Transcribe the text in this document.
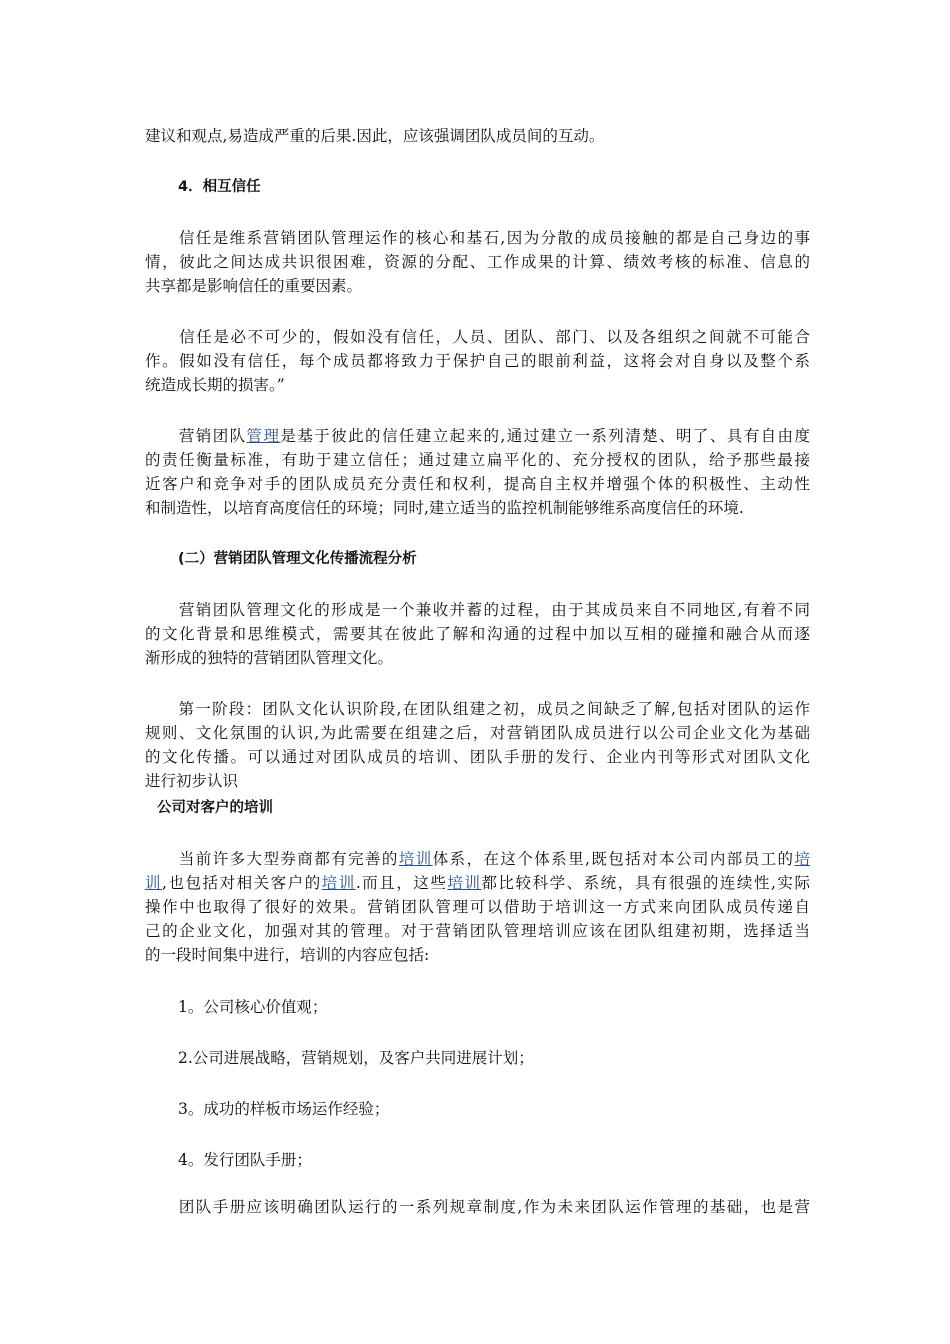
建议和观点,易造成严重的后果.因此，应该强调团队成员间的互动。
4．相互信任
　　信任是维系营销团队管理运作的核心和基石,因为分散的成员接触的都是自己身边的事
情，彼此之间达成共识很困难，资源的分配、工作成果的计算、绩效考核的标准、信息的
共享都是影响信任的重要因素。
　　信任是必不可少的，假如没有信任，人员、团队、部门、以及各组织之间就不可能合
作。假如没有信任，每个成员都将致力于保护自己的眼前利益，这将会对自身以及整个系
统造成长期的损害。”
　　营销团队管理是基于彼此的信任建立起来的,通过建立一系列清楚、明了、具有自由度
的责任衡量标准，有助于建立信任；通过建立扁平化的、充分授权的团队，给予那些最接
近客户和竞争对手的团队成员充分责任和权利，提高自主权并增强个体的积极性、主动性
和制造性，以培育高度信任的环境；同时,建立适当的监控机制能够维系高度信任的环境.
(二）营销团队管理文化传播流程分析
　　营销团队管理文化的形成是一个兼收并蓄的过程，由于其成员来自不同地区,有着不同
的文化背景和思维模式，需要其在彼此了解和沟通的过程中加以互相的碰撞和融合从而逐
渐形成的独特的营销团队管理文化。
　　第一阶段：团队文化认识阶段,在团队组建之初，成员之间缺乏了解,包括对团队的运作
规则、文化氛围的认识,为此需要在组建之后，对营销团队成员进行以公司企业文化为基础
的文化传播。可以通过对团队成员的培训、团队手册的发行、企业内刊等形式对团队文化
进行初步认识
公司对客户的培训
　　当前许多大型券商都有完善的培训体系，在这个体系里,既包括对本公司内部员工的培
训,也包括对相关客户的培训.而且，这些培训都比较科学、系统，具有很强的连续性,实际
操作中也取得了很好的效果。营销团队管理可以借助于培训这一方式来向团队成员传递自
己的企业文化，加强对其的管理。对于营销团队管理培训应该在团队组建初期，选择适当
的一段时间集中进行，培训的内容应包括:
1。公司核心价值观；
2.公司进展战略，营销规划，及客户共同进展计划；
3。成功的样板市场运作经验；
4。发行团队手册；
　　团队手册应该明确团队运行的一系列规章制度,作为未来团队运作管理的基础，也是营
